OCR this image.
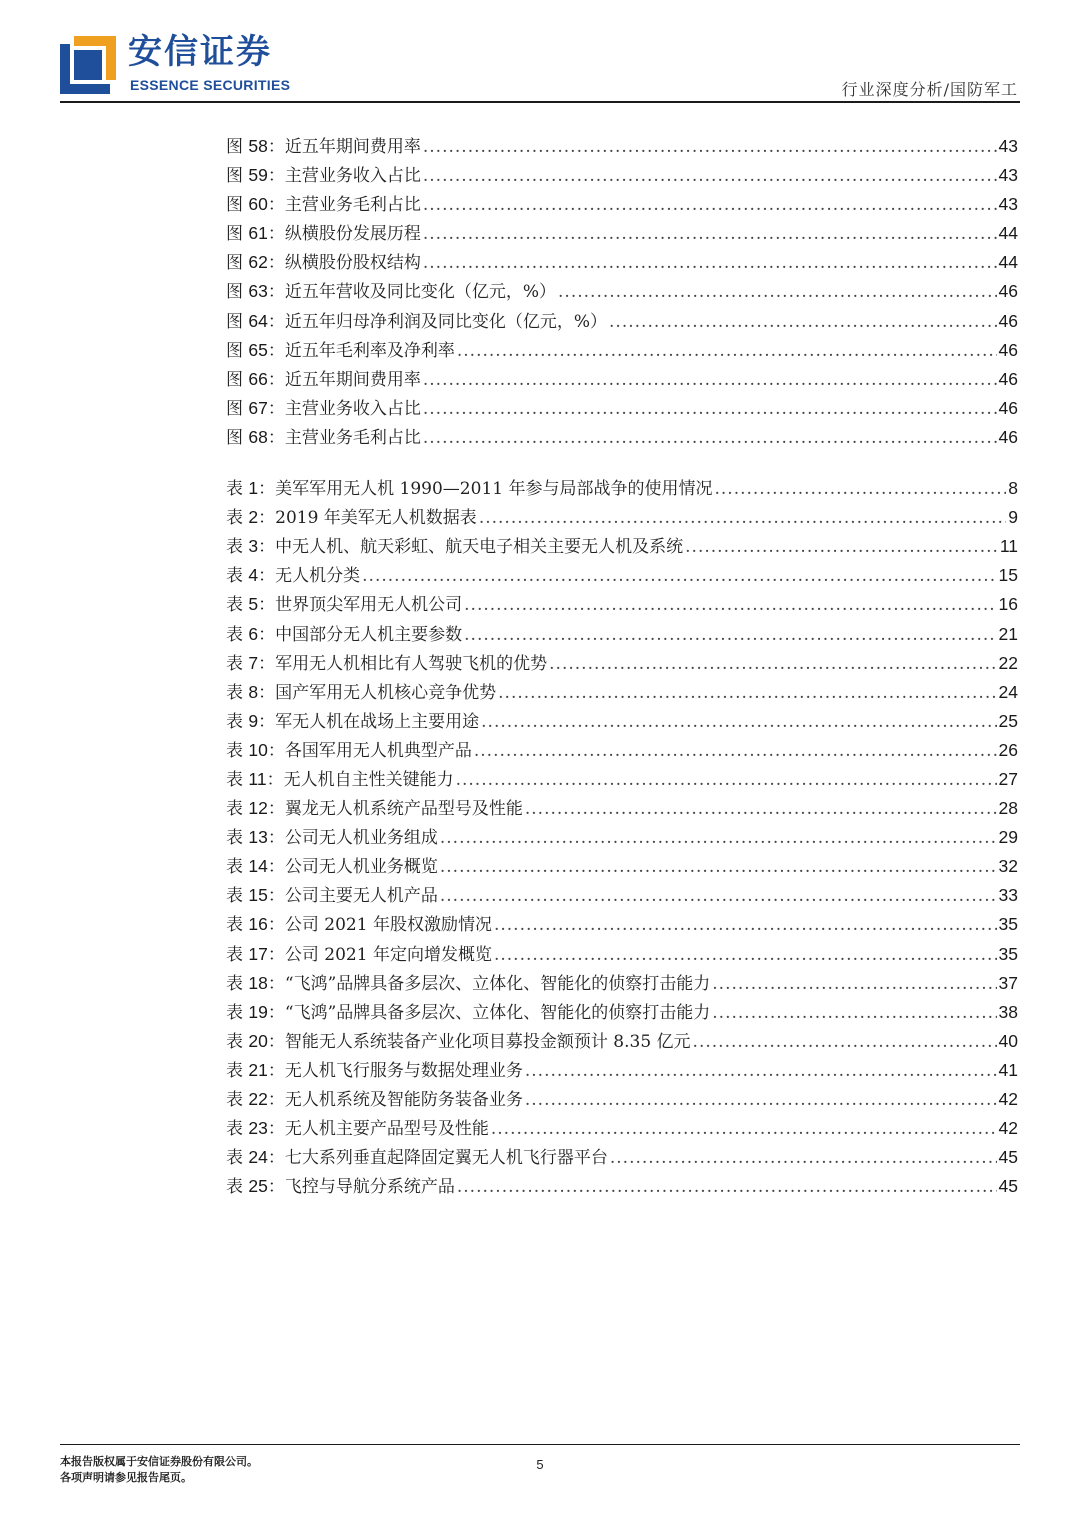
安信证券
ESSENCE SECURITIES	行业深度分析/国防军工
图 58： 近五年期间费用率 .....	43
图 59： 主营业务收入占比 .....	43
图 60： 主营业务毛利占比 .....	43
图 61： 纵横股份发展历程 .....	44
图 62： 纵横股份股权结构 .....	44
图 63： 近五年营收及同比变化（亿元，%） .....	46
图 64： 近五年归母净利润及同比变化（亿元，%） .....	46
图 65： 近五年毛利率及净利率 .....	46
图 66： 近五年期间费用率 .....	46
图 67： 主营业务收入占比 .....	46
图 68： 主营业务毛利占比 .....	46
表 1： 美军军用无人机 1990—2011 年参与局部战争的使用情况 .....	8
表 2： 2019 年美军无人机数据表 .....	9
表 3： 中无人机、航天彩虹、航天电子相关主要无人机及系统 .....	11
表 4： 无人机分类 .....	15
表 5： 世界顶尖军用无人机公司 .....	16
表 6： 中国部分无人机主要参数 .....	21
表 7： 军用无人机相比有人驾驶飞机的优势 .....	22
表 8： 国产军用无人机核心竞争优势 .....	24
表 9： 军无人机在战场上主要用途 .....	25
表 10： 各国军用无人机典型产品 .....	26
表 11： 无人机自主性关键能力 .....	27
表 12： 翼龙无人机系统产品型号及性能 .....	28
表 13： 公司无人机业务组成 .....	29
表 14： 公司无人机业务概览 .....	32
表 15： 公司主要无人机产品 .....	33
表 16： 公司 2021 年股权激励情况 .....	35
表 17： 公司 2021 年定向增发概览 .....	35
表 18： “飞鸿”品牌具备多层次、立体化、智能化的侦察打击能力 .....	37
表 19： “飞鸿”品牌具备多层次、立体化、智能化的侦察打击能力 .....	38
表 20： 智能无人系统装备产业化项目募投金额预计 8.35 亿元 .....	40
表 21： 无人机飞行服务与数据处理业务 .....	41
表 22： 无人机系统及智能防务装备业务 .....	42
表 23： 无人机主要产品型号及性能 .....	42
表 24： 七大系列垂直起降固定翼无人机飞行器平台 .....	45
表 25： 飞控与导航分系统产品 .....	45
本报告版权属于安信证券股份有限公司。
各项声明请参见报告尾页。
5
